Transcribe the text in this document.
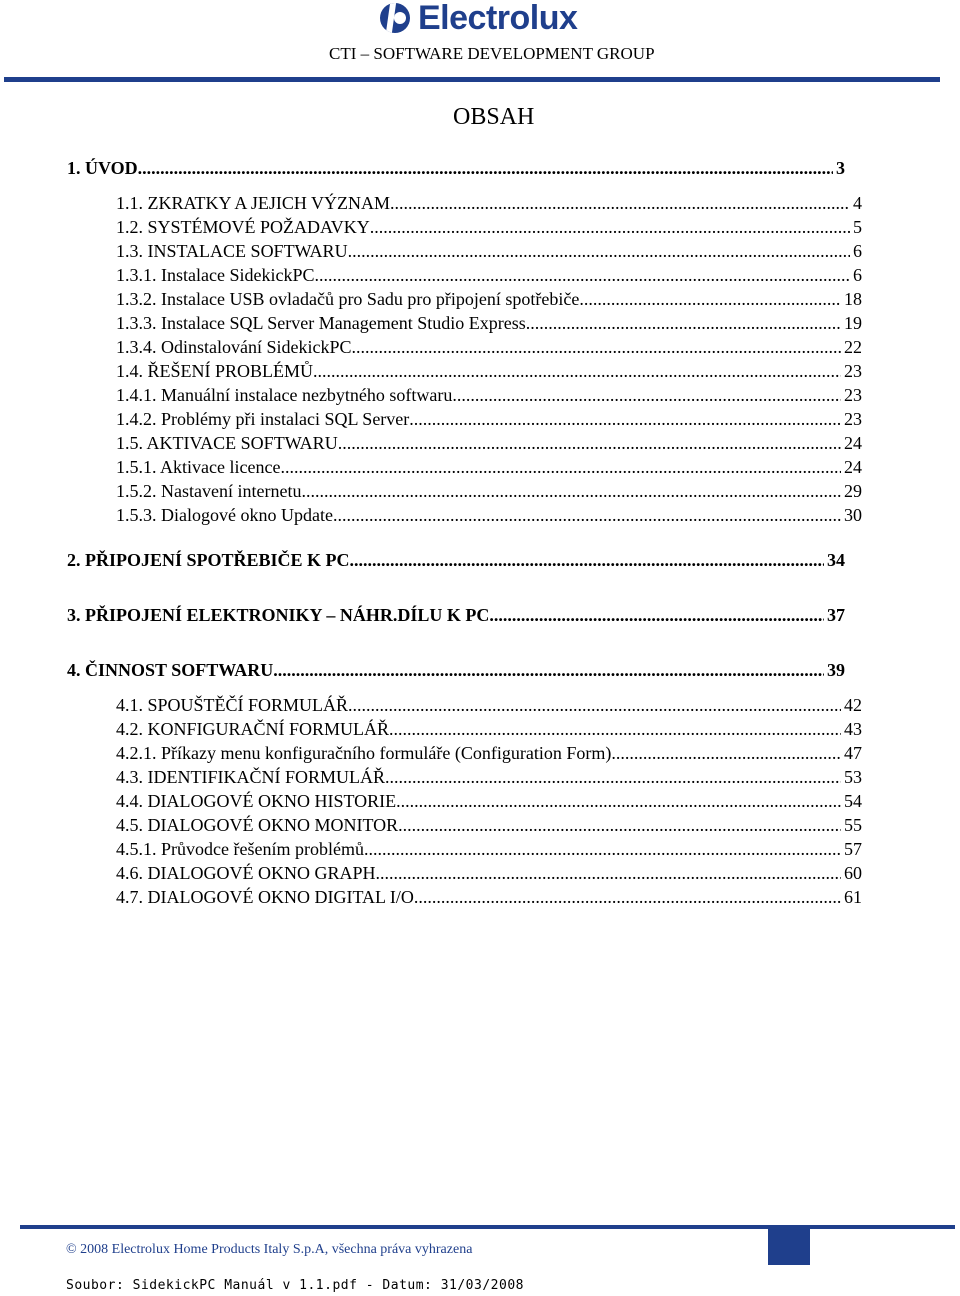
Electrolux
CTI – SOFTWARE DEVELOPMENT GROUP
OBSAH
1. ÚVOD .....	3
1.1. ZKRATKY A JEJICH VÝZNAM .....	4
1.2. SYSTÉMOVÉ POŽADAVKY .....	5
1.3. INSTALACE SOFTWARU .....	6
1.3.1. Instalace SidekickPC .....	6
1.3.2. Instalace USB ovladačů pro Sadu pro připojení spotřebiče .....	18
1.3.3. Instalace SQL Server Management Studio Express .....	19
1.3.4. Odinstalování SidekickPC .....	22
1.4. ŘEŠENÍ PROBLÉMŮ .....	23
1.4.1. Manuální instalace nezbytného softwaru .....	23
1.4.2. Problémy při instalaci SQL Server .....	23
1.5. AKTIVACE SOFTWARU .....	24
1.5.1. Aktivace licence .....	24
1.5.2. Nastavení internetu .....	29
1.5.3. Dialogové okno Update .....	30
2. PŘIPOJENÍ SPOTŘEBIČE K PC .....	34
3. PŘIPOJENÍ ELEKTRONIKY – NÁHR.DÍLU K PC .....	37
4. ČINNOST SOFTWARU .....	39
4.1. SPOUŠTĚČÍ FORMULÁŘ .....	42
4.2. KONFIGURAČNÍ FORMULÁŘ .....	43
4.2.1. Příkazy menu konfiguračního formuláře (Configuration Form) .....	47
4.3. IDENTIFIKAČNÍ FORMULÁŘ .....	53
4.4. DIALOGOVÉ OKNO HISTORIE .....	54
4.5. DIALOGOVÉ OKNO MONITOR .....	55
4.5.1. Průvodce řešením problémů .....	57
4.6. DIALOGOVÉ OKNO GRAPH .....	60
4.7. DIALOGOVÉ OKNO DIGITAL I/O .....	61
© 2008 Electrolux Home Products Italy S.p.A, všechna práva vyhrazena
Soubor: SidekickPC Manuál v 1.1.pdf - Datum: 31/03/2008
